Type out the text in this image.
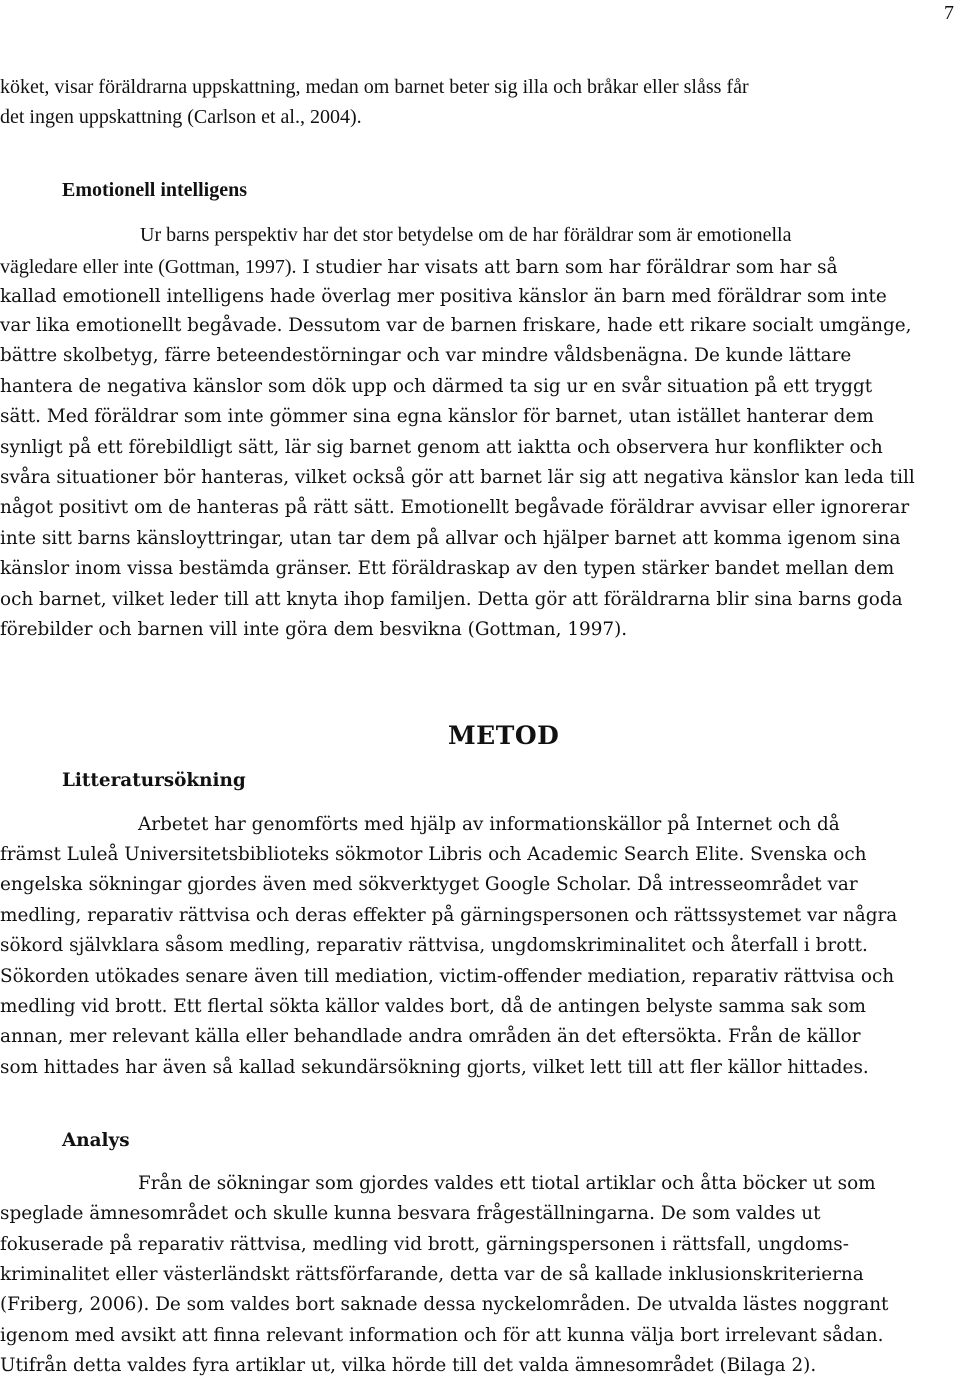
7
köket, visar föräldrarna uppskattning, medan om barnet beter sig illa och bråkar eller slåss får
det ingen uppskattning (Carlson et al., 2004).
Emotionell intelligens
Ur barns perspektiv har det stor betydelse om de har föräldrar som är emotionella
vägledare eller inte (Gottman, 1997). I studier har visats att barn som har föräldrar som har så
kallad emotionell intelligens hade överlag mer positiva känslor än barn med föräldrar som inte
var lika emotionellt begåvade. Dessutom var de barnen friskare, hade ett rikare socialt umgänge,
bättre skolbetyg, färre beteendestörningar och var mindre våldsbenägna. De kunde lättare
hantera de negativa känslor som dök upp och därmed ta sig ur en svår situation på ett tryggt
sätt. Med föräldrar som inte gömmer sina egna känslor för barnet, utan istället hanterar dem
synligt på ett förebildligt sätt, lär sig barnet genom att iaktta och observera hur konflikter och
svåra situationer bör hanteras, vilket också gör att barnet lär sig att negativa känslor kan leda till
något positivt om de hanteras på rätt sätt. Emotionellt begåvade föräldrar avvisar eller ignorerar
inte sitt barns känsloyttringar, utan tar dem på allvar och hjälper barnet att komma igenom sina
känslor inom vissa bestämda gränser. Ett föräldraskap av den typen stärker bandet mellan dem
och barnet, vilket leder till att knyta ihop familjen. Detta gör att föräldrarna blir sina barns goda
förebilder och barnen vill inte göra dem besvikna (Gottman, 1997).
METOD
Litteratursökning
Arbetet har genomförts med hjälp av informationskällor på Internet och då
främst Luleå Universitetsbiblioteks sökmotor Libris och Academic Search Elite. Svenska och
engelska sökningar gjordes även med sökverktyget Google Scholar. Då intresseområdet var
medling, reparativ rättvisa och deras effekter på gärningspersonen och rättssystemet var några
sökord självklara såsom medling, reparativ rättvisa, ungdomskriminalitet och återfall i brott.
Sökorden utökades senare även till mediation, victim-offender mediation, reparativ rättvisa och
medling vid brott. Ett flertal sökta källor valdes bort, då de antingen belyste samma sak som
annan, mer relevant källa eller behandlade andra områden än det eftersökta. Från de källor
som hittades har även så kallad sekundärsökning gjorts, vilket lett till att fler källor hittades.
Analys
Från de sökningar som gjordes valdes ett tiotal artiklar och åtta böcker ut som
speglade ämnesområdet och skulle kunna besvara frågeställningarna. De som valdes ut
fokuserade på reparativ rättvisa, medling vid brott, gärningspersonen i rättsfall, ungdoms-
kriminalitet eller västerländskt rättsförfarande, detta var de så kallade inklusionskriterierna
(Friberg, 2006). De som valdes bort saknade dessa nyckelområden. De utvalda lästes noggrant
igenom med avsikt att finna relevant information och för att kunna välja bort irrelevant sådan.
Utifrån detta valdes fyra artiklar ut, vilka hörde till det valda ämnesområdet (Bilaga 2).
